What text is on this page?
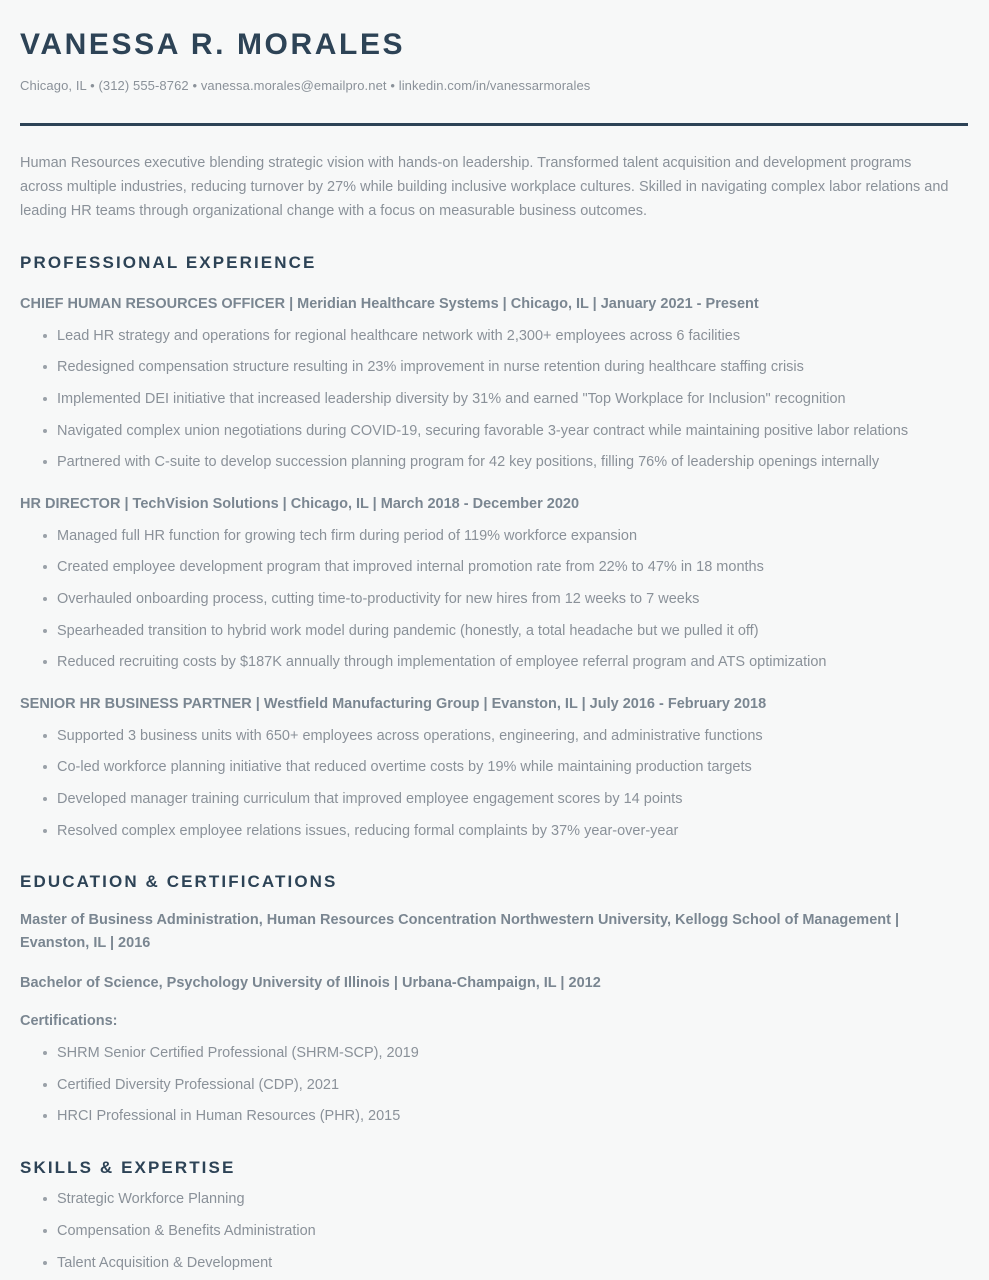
VANESSA R. MORALES
Chicago, IL • (312) 555-8762 • vanessa.morales@emailpro.net • linkedin.com/in/vanessarmorales

Human Resources executive blending strategic vision with hands-on leadership. Transformed talent acquisition and development programs across multiple industries, reducing turnover by 27% while building inclusive workplace cultures. Skilled in navigating complex labor relations and leading HR teams through organizational change with a focus on measurable business outcomes.

PROFESSIONAL EXPERIENCE
CHIEF HUMAN RESOURCES OFFICER | Meridian Healthcare Systems | Chicago, IL | January 2021 - Present
Lead HR strategy and operations for regional healthcare network with 2,300+ employees across 6 facilities
Redesigned compensation structure resulting in 23% improvement in nurse retention during healthcare staffing crisis
Implemented DEI initiative that increased leadership diversity by 31% and earned "Top Workplace for Inclusion" recognition
Navigated complex union negotiations during COVID-19, securing favorable 3-year contract while maintaining positive labor relations
Partnered with C-suite to develop succession planning program for 42 key positions, filling 76% of leadership openings internally
HR DIRECTOR | TechVision Solutions | Chicago, IL | March 2018 - December 2020
Managed full HR function for growing tech firm during period of 119% workforce expansion
Created employee development program that improved internal promotion rate from 22% to 47% in 18 months
Overhauled onboarding process, cutting time-to-productivity for new hires from 12 weeks to 7 weeks
Spearheaded transition to hybrid work model during pandemic (honestly, a total headache but we pulled it off)
Reduced recruiting costs by $187K annually through implementation of employee referral program and ATS optimization
SENIOR HR BUSINESS PARTNER | Westfield Manufacturing Group | Evanston, IL | July 2016 - February 2018
Supported 3 business units with 650+ employees across operations, engineering, and administrative functions
Co-led workforce planning initiative that reduced overtime costs by 19% while maintaining production targets
Developed manager training curriculum that improved employee engagement scores by 14 points
Resolved complex employee relations issues, reducing formal complaints by 37% year-over-year
EDUCATION & CERTIFICATIONS
Master of Business Administration, Human Resources Concentration Northwestern University, Kellogg School of Management | Evanston, IL | 2016
Bachelor of Science, Psychology University of Illinois | Urbana-Champaign, IL | 2012
Certifications:
SHRM Senior Certified Professional (SHRM-SCP), 2019
Certified Diversity Professional (CDP), 2021
HRCI Professional in Human Resources (PHR), 2015
SKILLS & EXPERTISE
Strategic Workforce Planning
Compensation & Benefits Administration
Talent Acquisition & Development
